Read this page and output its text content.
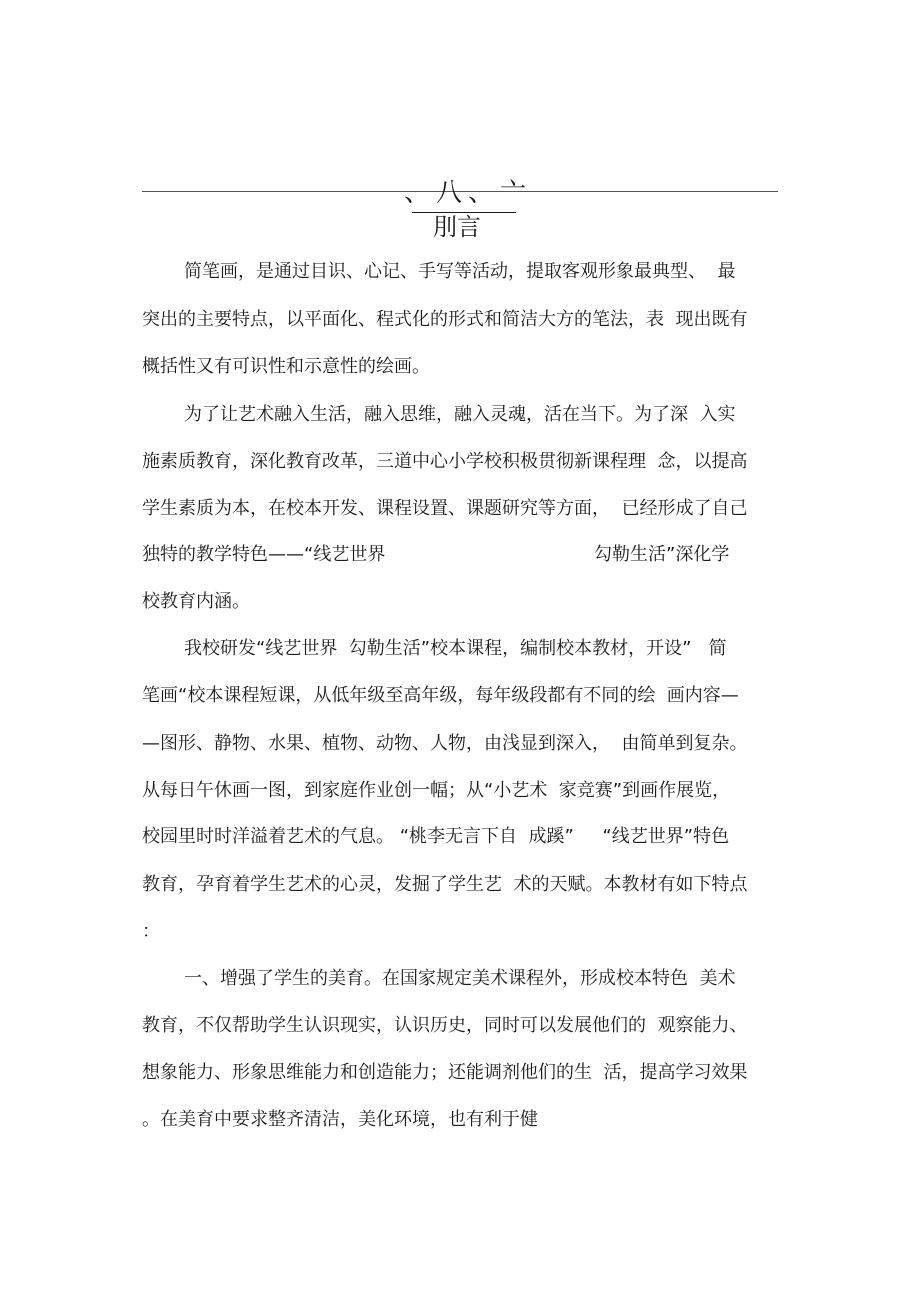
、八、亠
刖言
简笔画，是通过目识、心记、手写等活动，提取客观形象最典型、  最
突出的主要特点，以平面化、程式化的形式和简洁大方的笔法，表  现出既有
概括性又有可识性和示意性的绘画。
为了让艺术融入生活，融入思维，融入灵魂，活在当下。为了深  入实
施素质教育，深化教育改革，三道中心小学校积极贯彻新课程理  念，以提高
学生素质为本，在校本开发、课程设置、课题研究等方面，  已经形成了自己
独特的教学特色——“线艺世界	勾勒生活”深化学
校教育内涵。
我校研发“线艺世界  勾勒生活”校本课程，编制校本教材，开设”   简
笔画“校本课程短课，从低年级至高年级，每年级段都有不同的绘  画内容—
—图形、静物、水果、植物、动物、人物，由浅显到深入，  由简单到复杂。
从每日午休画一图，到家庭作业创一幅；从“小艺术  家竞赛”到画作展览，
校园里时时洋溢着艺术的气息。 “桃李无言下自  成蹊”     “线艺世界”特色
教育，孕育着学生艺术的心灵，发掘了学生艺  术的天赋。本教材有如下特点
：
一、增强了学生的美育。在国家规定美术课程外，形成校本特色  美术
教育，不仅帮助学生认识现实，认识历史，同时可以发展他们的  观察能力、
想象能力、形象思维能力和创造能力；还能调剂他们的生  活，提高学习效果
。在美育中要求整齐清洁，美化环境，也有利于健
